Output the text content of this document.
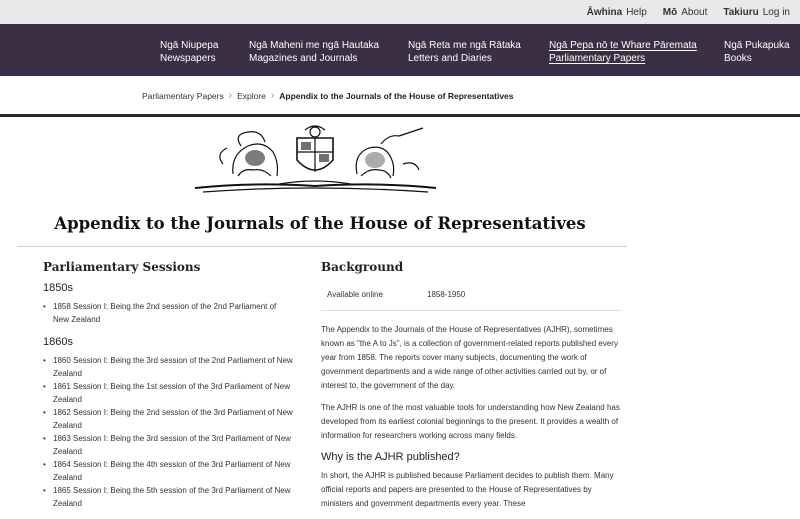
Āwhina Help Mō About Takiuru Log in
Ngā Niupepa
Newspapers
Ngā Maheni me ngā Hautaka
Magazines and Journals
Ngā Reta me ngā Rātaka
Letters and Diaries
Ngā Pepa nō te Whare Pāremata
Parliamentary Papers
Ngā Pukapuka
Books
Parliamentary Papers › Explore › Appendix to the Journals of the House of Representatives
Appendix to the Journals of the House of Representatives
Parliamentary Sessions
1850s
• 1858 Session I: Being the 2nd session of the 2nd Parliament of New Zealand
1860s
• 1860 Session I: Being the 3rd session of the 2nd Parliament of New Zealand
• 1861 Session I: Being the 1st session of the 3rd Parliament of New Zealand
• 1862 Session I: Being the 2nd session of the 3rd Parliament of New Zealand
• 1863 Session I: Being the 3rd session of the 3rd Parliament of New Zealand
• 1864 Session I: Being the 4th session of the 3rd Parliament of New Zealand
• 1865 Session I: Being the 5th session of the 3rd Parliament of New Zealand
Background
Available online	1858-1950

The Appendix to the Journals of the House of Representatives (AJHR), sometimes known as "the A to Js", is a collection of government-related reports published every year from 1858. The reports cover many subjects, documenting the work of government departments and a wide range of other activities carried out by, or of interest to, the government of the day.

The AJHR is one of the most valuable tools for understanding how New Zealand has developed from its earliest colonial beginnings to the present. It provides a wealth of information for researchers working across many fields.

Why is the AJHR published?

In short, the AJHR is published because Parliament decides to publish them. Many official reports and papers are presented to the House of Representatives by ministers and government departments every year. These
